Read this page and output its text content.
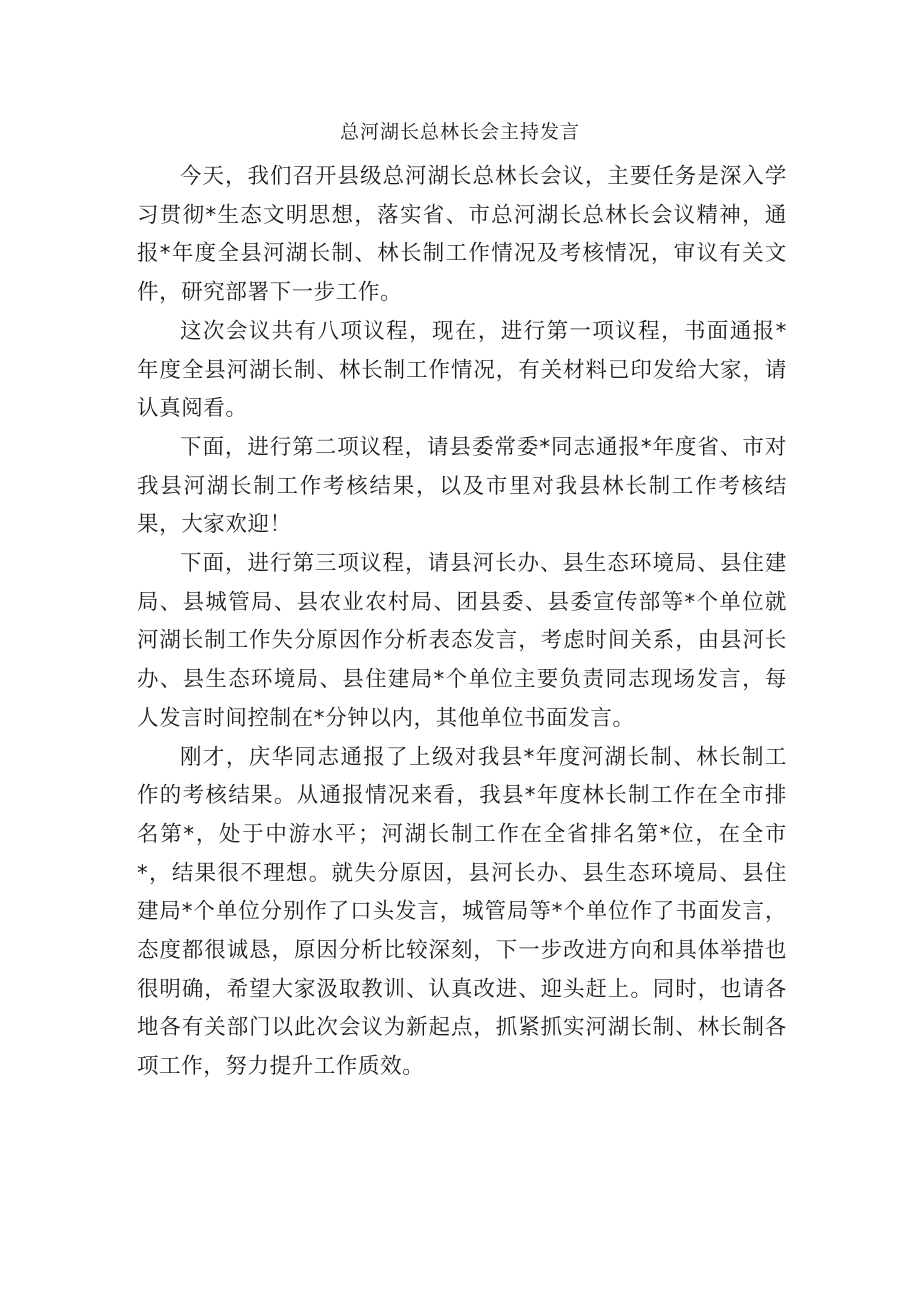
总河湖长总林长会主持发言

今天，我们召开县级总河湖长总林长会议，主要任务是深入学习贯彻*生态文明思想，落实省、市总河湖长总林长会议精神，通报*年度全县河湖长制、林长制工作情况及考核情况，审议有关文件，研究部署下一步工作。

这次会议共有八项议程，现在，进行第一项议程，书面通报*年度全县河湖长制、林长制工作情况，有关材料已印发给大家，请认真阅看。

下面，进行第二项议程，请县委常委*同志通报*年度省、市对我县河湖长制工作考核结果，以及市里对我县林长制工作考核结果，大家欢迎！

下面，进行第三项议程，请县河长办、县生态环境局、县住建局、县城管局、县农业农村局、团县委、县委宣传部等*个单位就河湖长制工作失分原因作分析表态发言，考虑时间关系，由县河长办、县生态环境局、县住建局*个单位主要负责同志现场发言，每人发言时间控制在*分钟以内，其他单位书面发言。

刚才，庆华同志通报了上级对我县*年度河湖长制、林长制工作的考核结果。从通报情况来看，我县*年度林长制工作在全市排名第*，处于中游水平；河湖长制工作在全省排名第*位，在全市*，结果很不理想。就失分原因，县河长办、县生态环境局、县住建局*个单位分别作了口头发言，城管局等*个单位作了书面发言，态度都很诚恳，原因分析比较深刻，下一步改进方向和具体举措也很明确，希望大家汲取教训、认真改进、迎头赶上。同时，也请各地各有关部门以此次会议为新起点，抓紧抓实河湖长制、林长制各项工作，努力提升工作质效。
